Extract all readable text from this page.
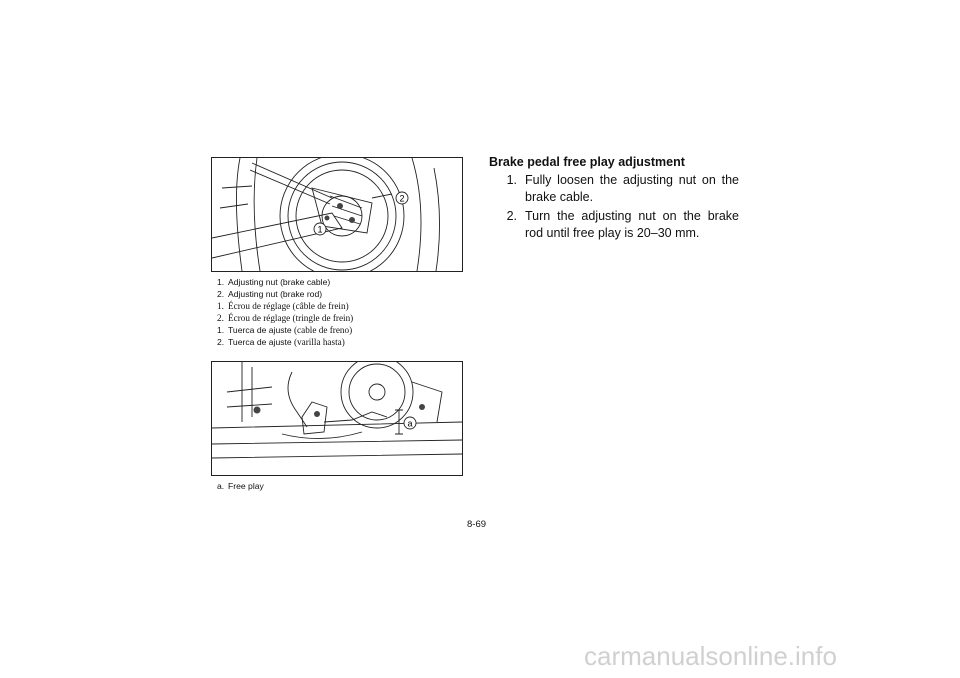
1
2
1. Adjusting nut (brake cable)
2. Adjusting nut (brake rod)
1. Écrou de réglage (câble de frein)
2. Écrou de réglage (tringle de frein)
1. Tuerca de ajuste (cable de freno)
2. Tuerca de ajuste (varilla hasta)
a
a. Free play
Brake pedal free play adjustment
1. Fully loosen the adjusting nut on the brake cable.
2. Turn the adjusting nut on the brake rod until free play is 20–30 mm.
8-69
carmanualsonline.info
